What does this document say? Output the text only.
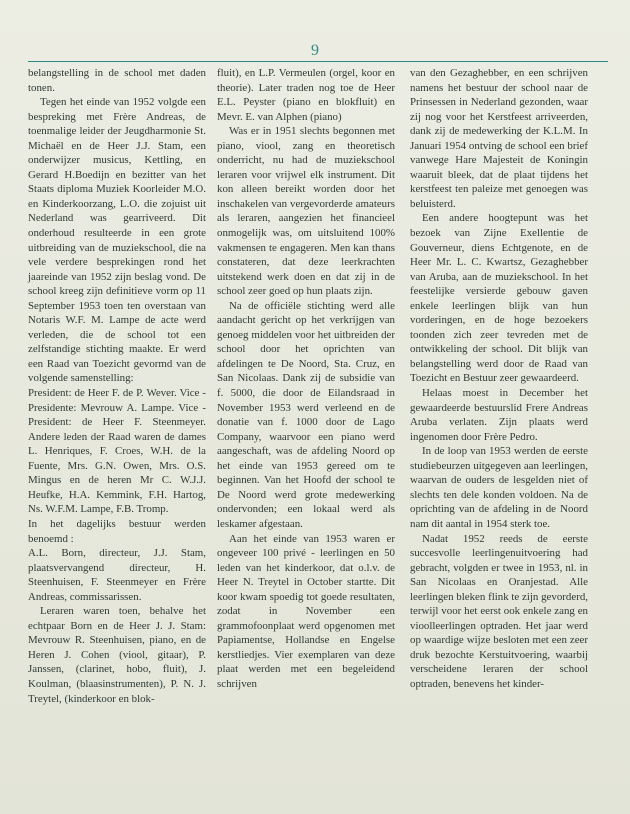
9

belangstelling in de school met daden tonen.

Tegen het einde van 1952 volgde een bespreking met Frère Andreas, de toenmalige leider der Jeugdharmonie St. Michaël en de Heer J.J. Stam, een onderwijzer musicus, Kettling, en Gerard H.Boedijn en bezitter van het Staats diploma Muziek Koorleider M.O. en Kinderkoorzang, L.O. die zojuist uit Nederland was gearriveerd. Dit onderhoud resulteerde in een grote uitbreiding van de muziekschool, die na vele verdere besprekingen rond het jaareinde van 1952 zijn beslag vond. De school kreeg zijn definitieve vorm op 11 September 1953 toen ten overstaan van Notaris W.F. M. Lampe de acte werd verleden, die de school tot een zelfstandige stichting maakte. Er werd een Raad van Toezicht gevormd van de volgende samenstelling:

President: de Heer F. de P. Wever. Vice - Presidente: Mevrouw A. Lampe. Vice - President: de Heer F. Steenmeyer. Andere leden der Raad waren de dames L. Henriques, F. Croes, W.H. de la Fuente, Mrs. G.N. Owen, Mrs. O.S. Mingus en de heren Mr C. W.J.J. Heufke, H.A. Kemmink, F.H. Hartog, Ns. W.F.M. Lampe, F.B. Tromp.

In het dagelijks bestuur werden benoemd :

A.L. Born, directeur, J.J. Stam, plaatsvervangend directeur, H. Steenhuisen, F. Steenmeyer en Frère Andreas, commissarissen.

Leraren waren toen, behalve het echtpaar Born en de Heer J. J. Stam: Mevrouw R. Steenhuisen, piano, en de Heren J. Cohen (viool, gitaar), P. Janssen, (clarinet, hobo, fluit), J. Koulman, (blaasinstrumenten), P. N. J. Treytel, (kinderkoor en blok-

fluit), en L.P. Vermeulen (orgel, koor en theorie). Later traden nog toe de Heer E.L. Peyster (piano en blokfluit) en Mevr. E. van Alphen (piano)

Was er in 1951 slechts begonnen met piano, viool, zang en theoretisch onderricht, nu had de muziekschool leraren voor vrijwel elk instrument. Dit kon alleen bereikt worden door het inschakelen van vergevorderde amateurs als leraren, aangezien het financieel onmogelijk was, om uitsluitend 100% vakmensen te engageren. Men kan thans constateren, dat deze leerkrachten uitstekend werk doen en dat zij in de school zeer goed op hun plaats zijn.

Na de officiële stichting werd alle aandacht gericht op het verkrijgen van genoeg middelen voor het uitbreiden der school door het oprichten van afdelingen te De Noord, Sta. Cruz, en San Nicolaas. Dank zij de subsidie van f. 5000, die door de Eilandsraad in November 1953 werd verleend en de donatie van f. 1000 door de Lago Company, waarvoor een piano werd aangeschaft, was de afdeling Noord op het einde van 1953 gereed om te beginnen. Van het Hoofd der school te De Noord werd grote medewerking ondervonden; een lokaal werd als leskamer afgestaan.

Aan het einde van 1953 waren er ongeveer 100 privé - leerlingen en 50 leden van het kinderkoor, dat o.l.v. de Heer N. Treytel in October startte. Dit koor kwam spoedig tot goede resultaten, zodat in November een grammofoonplaat werd opgenomen met Papiamentse, Hollandse en Engelse kerstliedjes. Vier exemplaren van deze plaat werden met een begeleidend schrijven

van den Gezaghebber, en een schrijven namens het bestuur der school naar de Prinsessen in Nederland gezonden, waar zij nog voor het Kerstfeest arriveerden, dank zij de medewerking der K.L.M. In Januari 1954 ontving de school een brief vanwege Hare Majesteit de Koningin waaruit bleek, dat de plaat tijdens het kerstfeest ten paleize met genoegen was beluisterd.

Een andere hoogtepunt was het bezoek van Zijne Exellentie de Gouverneur, diens Echtgenote, en de Heer Mr. L. C. Kwartsz, Gezaghebber van Aruba, aan de muziekschool. In het feestelijke versierde gebouw gaven enkele leerlingen blijk van hun vorderingen, en de hoge bezoekers toonden zich zeer tevreden met de ontwikkeling der school. Dit blijk van belangstelling werd door de Raad van Toezicht en Bestuur zeer gewaardeerd.

Helaas moest in December het gewaardeerde bestuurslid Frere Andreas Aruba verlaten. Zijn plaats werd ingenomen door Frère Pedro.

In de loop van 1953 werden de eerste studiebeurzen uitgegeven aan leerlingen, waarvan de ouders de lesgelden niet of slechts ten dele konden voldoen. Na de oprichting van de afdeling in de Noord nam dit aantal in 1954 sterk toe.

Nadat 1952 reeds de eerste succesvolle leerlingenuitvoering had gebracht, volgden er twee in 1953, nl. in San Nicolaas en Oranjestad. Alle leerlingen bleken flink te zijn gevorderd, terwijl voor het eerst ook enkele zang en vioolleerlingen optraden. Het jaar werd op waardige wijze besloten met een zeer druk bezochte Kerstuitvoering, waarbij verscheidene leraren der school optraden, benevens het kinder-
